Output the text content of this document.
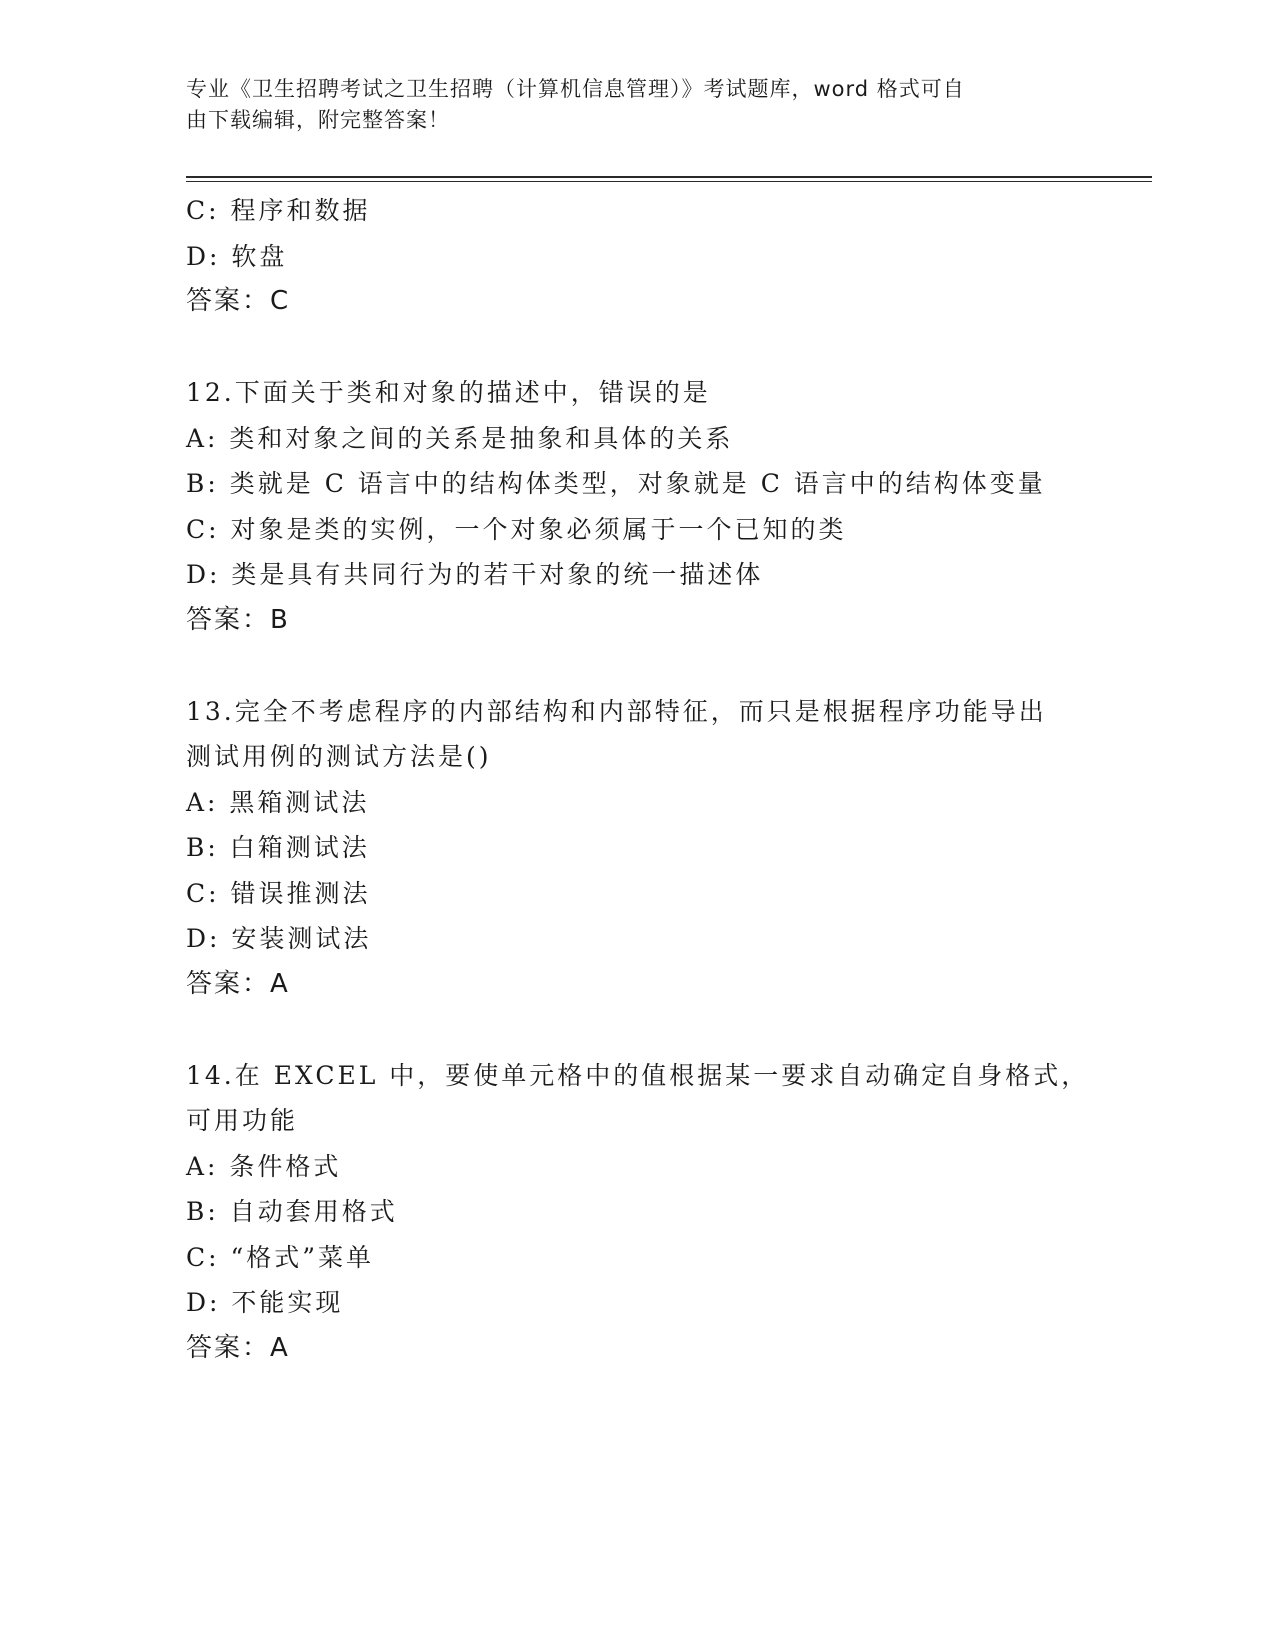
专业《卫生招聘考试之卫生招聘（计算机信息管理）》考试题库，word 格式可自
由下载编辑，附完整答案！
C: 程序和数据
D: 软盘
答案：C
12.下面关于类和对象的描述中，错误的是
A: 类和对象之间的关系是抽象和具体的关系
B: 类就是 C 语言中的结构体类型，对象就是 C 语言中的结构体变量
C: 对象是类的实例，一个对象必须属于一个已知的类
D: 类是具有共同行为的若干对象的统一描述体
答案：B
13.完全不考虑程序的内部结构和内部特征，而只是根据程序功能导出
测试用例的测试方法是()
A: 黑箱测试法
B: 白箱测试法
C: 错误推测法
D: 安装测试法
答案：A
14.在 EXCEL 中，要使单元格中的值根据某一要求自动确定自身格式，
可用功能
A: 条件格式
B: 自动套用格式
C: “格式”菜单
D: 不能实现
答案：A
